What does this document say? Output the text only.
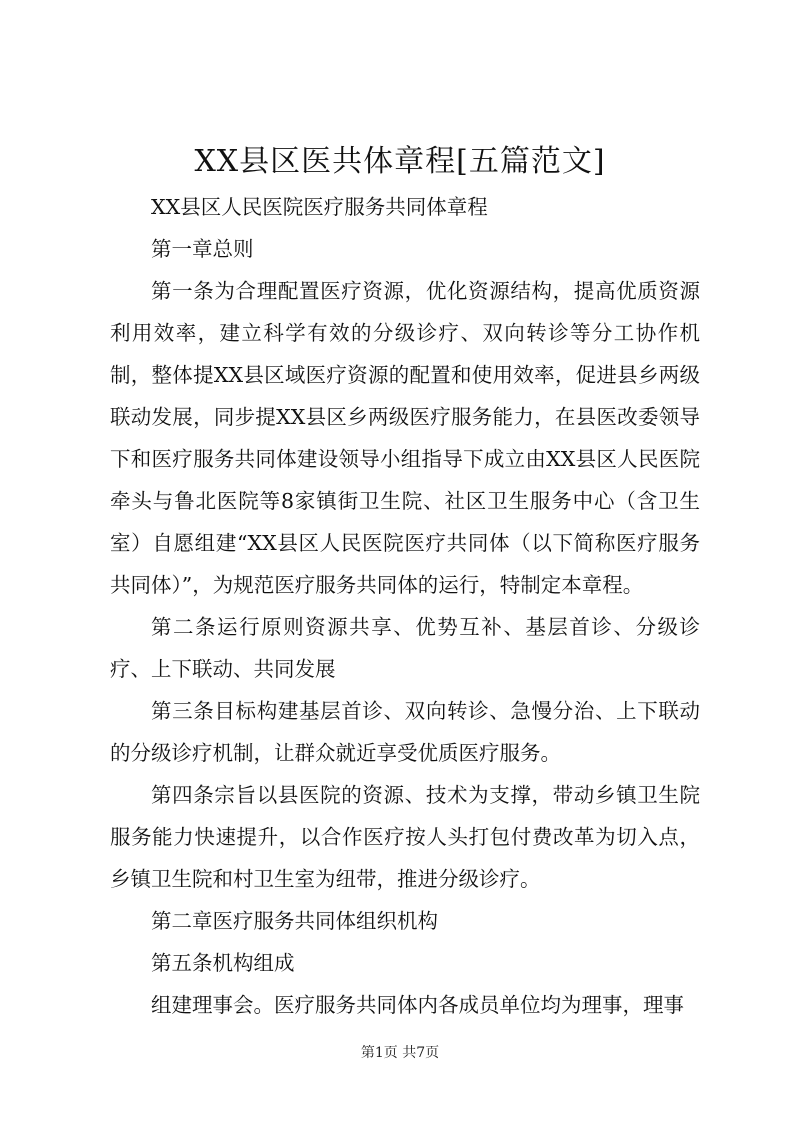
XX县区医共体章程[五篇范文]

XX县区人民医院医疗服务共同体章程

第一章总则

第一条为合理配置医疗资源，优化资源结构，提高优质资源利用效率，建立科学有效的分级诊疗、双向转诊等分工协作机制，整体提XX县区域医疗资源的配置和使用效率，促进县乡两级联动发展，同步提XX县区乡两级医疗服务能力，在县医改委领导下和医疗服务共同体建设领导小组指导下成立由XX县区人民医院牵头与鲁北医院等8家镇街卫生院、社区卫生服务中心（含卫生室）自愿组建“XX县区人民医院医疗共同体（以下简称医疗服务共同体）”，为规范医疗服务共同体的运行，特制定本章程。

第二条运行原则资源共享、优势互补、基层首诊、分级诊疗、上下联动、共同发展

第三条目标构建基层首诊、双向转诊、急慢分治、上下联动的分级诊疗机制，让群众就近享受优质医疗服务。

第四条宗旨以县医院的资源、技术为支撑，带动乡镇卫生院服务能力快速提升，以合作医疗按人头打包付费改革为切入点，乡镇卫生院和村卫生室为纽带，推进分级诊疗。

第二章医疗服务共同体组织机构

第五条机构组成

组建理事会。医疗服务共同体内各成员单位均为理事，理事

第1页 共7页
